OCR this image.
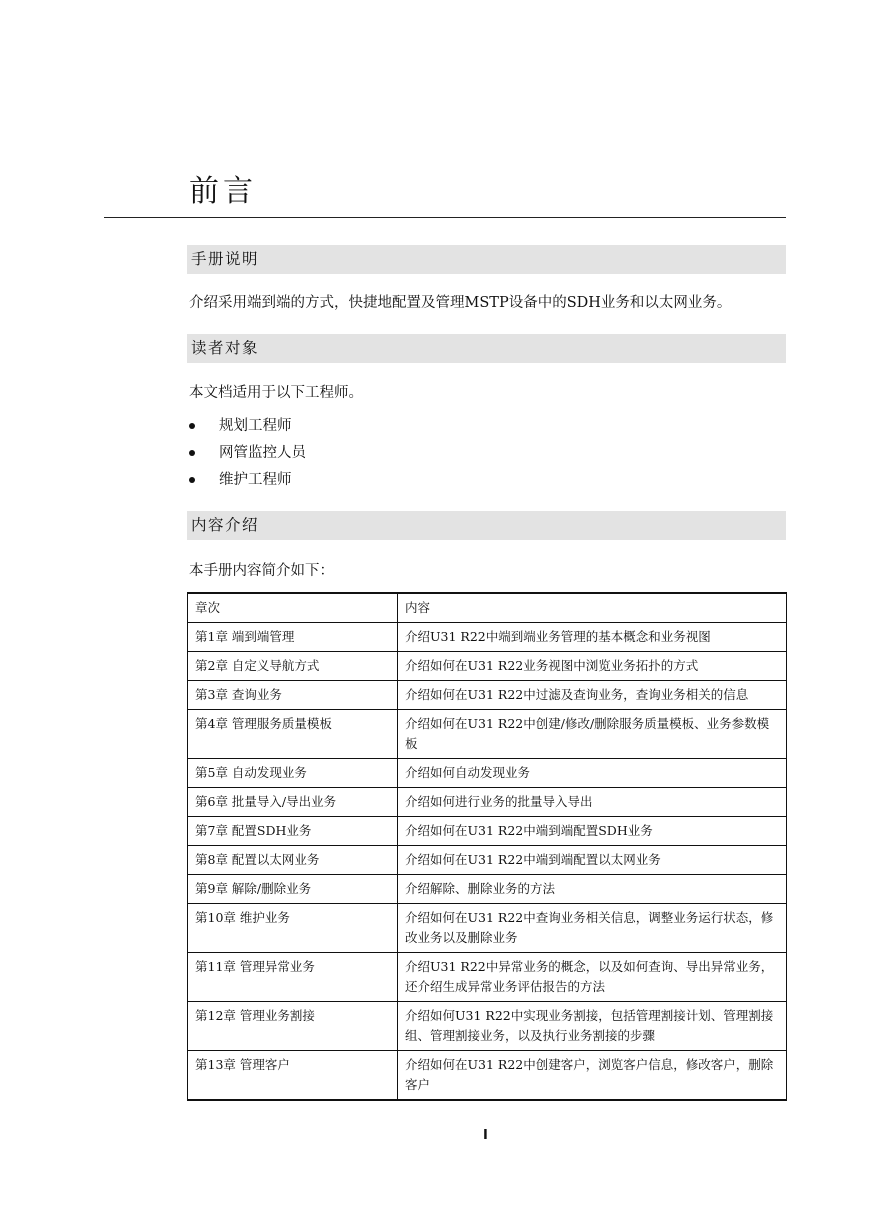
前言
手册说明

介绍采用端到端的方式，快捷地配置及管理MSTP设备中的SDH业务和以太网业务。

读者对象

本文档适用于以下工程师。

规划工程师
网管监控人员
维护工程师
内容介绍

本手册内容简介如下：

章次	内容
第1章 端到端管理	介绍U31 R22中端到端业务管理的基本概念和业务视图
第2章 自定义导航方式	介绍如何在U31 R22业务视图中浏览业务拓扑的方式
第3章 查询业务	介绍如何在U31 R22中过滤及查询业务，查询业务相关的信息
第4章 管理服务质量模板	介绍如何在U31 R22中创建/修改/删除服务质量模板、业务参数模板
第5章 自动发现业务	介绍如何自动发现业务
第6章 批量导入/导出业务	介绍如何进行业务的批量导入导出
第7章 配置SDH业务	介绍如何在U31 R22中端到端配置SDH业务
第8章 配置以太网业务	介绍如何在U31 R22中端到端配置以太网业务
第9章 解除/删除业务	介绍解除、删除业务的方法
第10章 维护业务	介绍如何在U31 R22中查询业务相关信息，调整业务运行状态，修改业务以及删除业务
第11章 管理异常业务	介绍U31 R22中异常业务的概念，以及如何查询、导出异常业务，还介绍生成异常业务评估报告的方法
第12章 管理业务割接	介绍如何U31 R22中实现业务割接，包括管理割接计划、管理割接组、管理割接业务，以及执行业务割接的步骤
第13章 管理客户	介绍如何在U31 R22中创建客户，浏览客户信息，修改客户，删除客户
I
